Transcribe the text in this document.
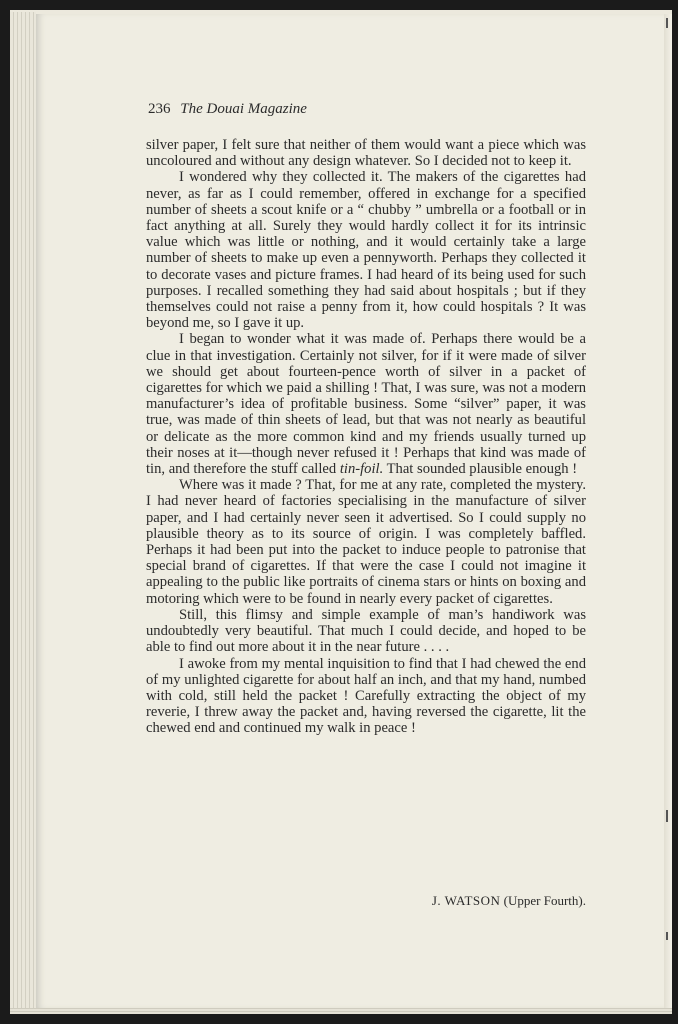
236 The Douai Magazine

silver paper, I felt sure that neither of them would want a piece which was uncoloured and without any design whatever. So I decided not to keep it.

I wondered why they collected it. The makers of the cigarettes had never, as far as I could remember, offered in exchange for a specified number of sheets a scout knife or a “ chubby ” umbrella or a football or in fact anything at all. Surely they would hardly collect it for its intrinsic value which was little or nothing, and it would certainly take a large number of sheets to make up even a pennyworth. Perhaps they collected it to decorate vases and picture frames. I had heard of its being used for such purposes. I recalled something they had said about hospitals ; but if they themselves could not raise a penny from it, how could hospitals ? It was beyond me, so I gave it up.

I began to wonder what it was made of. Perhaps there would be a clue in that investigation. Certainly not silver, for if it were made of silver we should get about fourteen-pence worth of silver in a packet of cigarettes for which we paid a shilling ! That, I was sure, was not a modern manufacturer’s idea of profitable business. Some “silver” paper, it was true, was made of thin sheets of lead, but that was not nearly as beautiful or delicate as the more common kind and my friends usually turned up their noses at it—though never refused it ! Perhaps that kind was made of tin, and therefore the stuff called tin-foil. That sounded plausible enough !

Where was it made ? That, for me at any rate, completed the mystery. I had never heard of factories specialising in the manufacture of silver paper, and I had certainly never seen it advertised. So I could supply no plausible theory as to its source of origin. I was completely baffled. Perhaps it had been put into the packet to induce people to patronise that special brand of cigarettes. If that were the case I could not imagine it appealing to the public like portraits of cinema stars or hints on boxing and motoring which were to be found in nearly every packet of cigarettes.

Still, this flimsy and simple example of man’s handiwork was undoubtedly very beautiful. That much I could decide, and hoped to be able to find out more about it in the near future . . . .

I awoke from my mental inquisition to find that I had chewed the end of my unlighted cigarette for about half an inch, and that my hand, numbed with cold, still held the packet ! Carefully extracting the object of my reverie, I threw away the packet and, having reversed the cigarette, lit the chewed end and continued my walk in peace !

J. WATSON (Upper Fourth).
